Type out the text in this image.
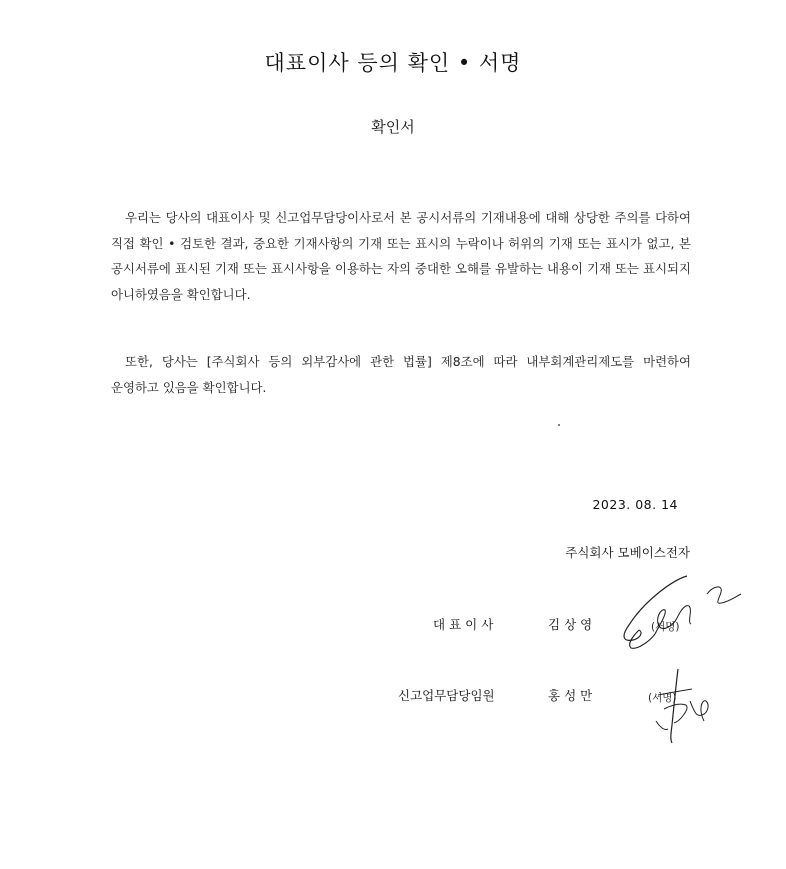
대표이사 등의 확인 • 서명
확인서

우리는 당사의 대표이사 및 신고업무담당이사로서 본 공시서류의 기재내용에 대해 상당한 주의를 다하여 직접 확인 • 검토한 결과, 중요한 기재사항의 기재 또는 표시의 누락이나 허위의 기재 또는 표시가 없고, 본 공시서류에 표시된 기재 또는 표시사항을 이용하는 자의 중대한 오해를 유발하는 내용이 기재 또는 표시되지 아니하였음을 확인합니다.

또한, 당사는 [주식회사 등의 외부감사에 관한 법률] 제8조에 따라 내부회계관리제도를 마련하여 운영하고 있음을 확인합니다.

2023. 08. 14
주식회사 모베이스전자
대표이사	김상영	(서명)
신고업무담당임원	홍성만	(서명)
